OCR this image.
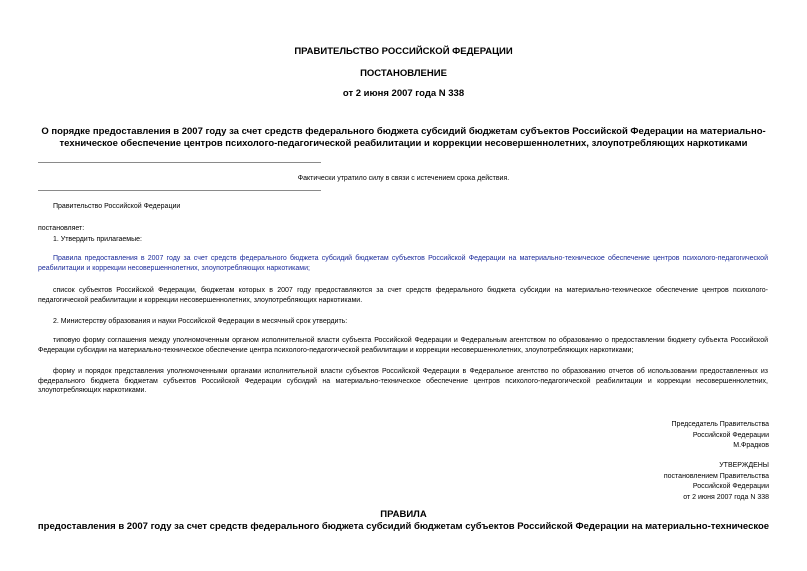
ПРАВИТЕЛЬСТВО РОССИЙСКОЙ ФЕДЕРАЦИИ
ПОСТАНОВЛЕНИЕ
от 2 июня 2007 года N 338
О порядке предоставления в 2007 году за счет средств федерального бюджета субсидий бюджетам субъектов Российской Федерации на материально-
техническое обеспечение центров психолого-педагогической реабилитации и коррекции несовершеннолетних, злоупотребляющих наркотиками
Фактически утратило силу в связи с истечением срока действия.
Правительство Российской Федерации
постановляет:
1. Утвердить прилагаемые:
Правила предоставления в 2007 году за счет средств федерального бюджета субсидий бюджетам субъектов Российской Федерации на материально-техническое обеспечение центров психолого-педагогической реабилитации и коррекции несовершеннолетних, злоупотребляющих наркотиками;
список субъектов Российской Федерации, бюджетам которых в 2007 году предоставляются за счет средств федерального бюджета субсидии на материально-техническое обеспечение центров психолого-педагогической реабилитации и коррекции несовершеннолетних, злоупотребляющих наркотиками.
2. Министерству образования и науки Российской Федерации в месячный срок утвердить:
типовую форму соглашения между уполномоченным органом исполнительной власти субъекта Российской Федерации и Федеральным агентством по образованию о предоставлении бюджету субъекта Российской Федерации субсидии на материально-техническое обеспечение центра психолого-педагогической реабилитации и коррекции несовершеннолетних, злоупотребляющих наркотиками;
форму и порядок представления уполномоченными органами исполнительной власти субъектов Российской Федерации в Федеральное агентство по образованию отчетов об использовании предоставленных из федерального бюджета бюджетам субъектов Российской Федерации субсидий на материально-техническое обеспечение центров психолого-педагогической реабилитации и коррекции несовершеннолетних, злоупотребляющих наркотиками.
Председатель Правительства
Российской Федерации
М.Фрадков
УТВЕРЖДЕНЫ
постановлением Правительства
Российской Федерации
от 2 июня 2007 года N 338
ПРАВИЛА
предоставления в 2007 году за счет средств федерального бюджета субсидий бюджетам субъектов Российской Федерации на материально-техническое
